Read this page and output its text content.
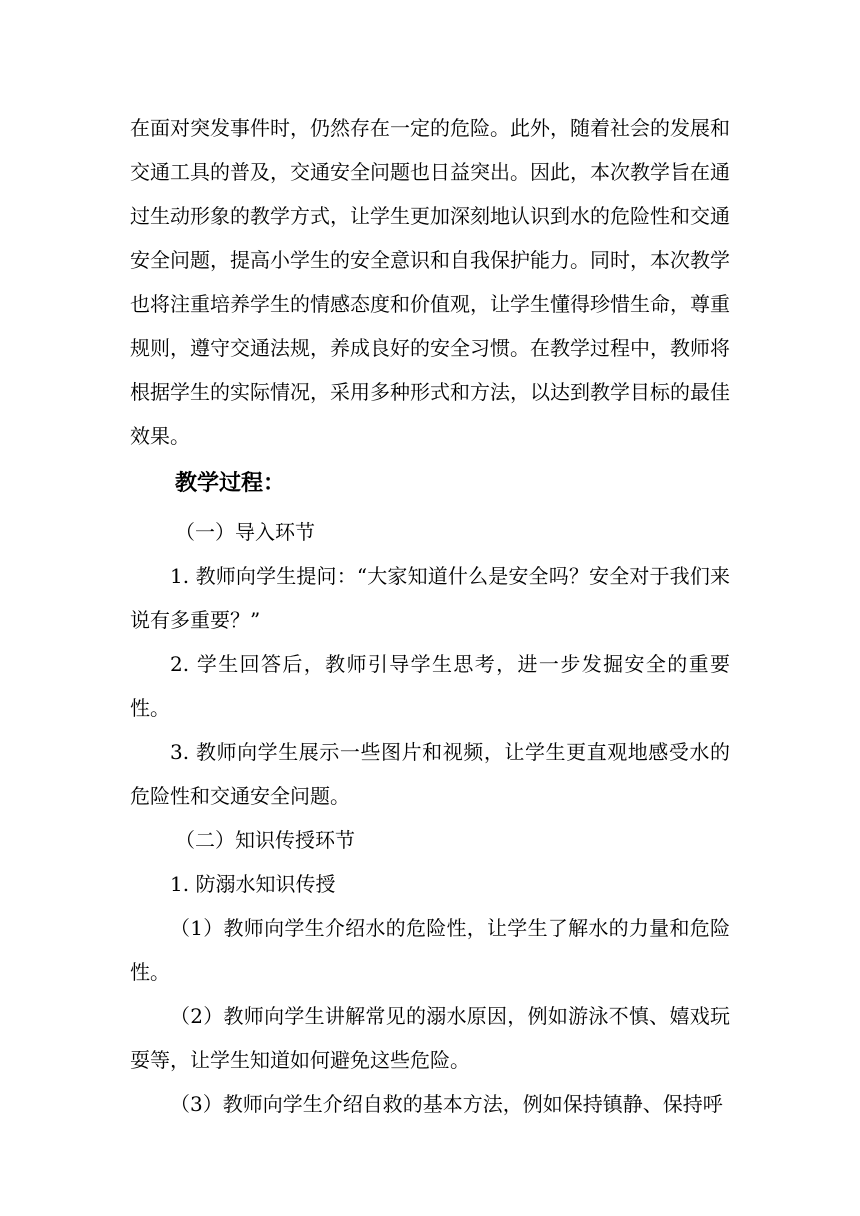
在面对突发事件时，仍然存在一定的危险。此外，随着社会的发展和交通工具的普及，交通安全问题也日益突出。因此，本次教学旨在通过生动形象的教学方式，让学生更加深刻地认识到水的危险性和交通安全问题，提高小学生的安全意识和自我保护能力。同时，本次教学也将注重培养学生的情感态度和价值观，让学生懂得珍惜生命，尊重规则，遵守交通法规，养成良好的安全习惯。在教学过程中，教师将根据学生的实际情况，采用多种形式和方法，以达到教学目标的最佳效果。

教学过程：

（一）导入环节

1. 教师向学生提问：“大家知道什么是安全吗？安全对于我们来说有多重要？”

2. 学生回答后，教师引导学生思考，进一步发掘安全的重要性。

3. 教师向学生展示一些图片和视频，让学生更直观地感受水的危险性和交通安全问题。

（二）知识传授环节

1. 防溺水知识传授

（1）教师向学生介绍水的危险性，让学生了解水的力量和危险性。

（2）教师向学生讲解常见的溺水原因，例如游泳不慎、嬉戏玩耍等，让学生知道如何避免这些危险。

（3）教师向学生介绍自救的基本方法，例如保持镇静、保持呼
